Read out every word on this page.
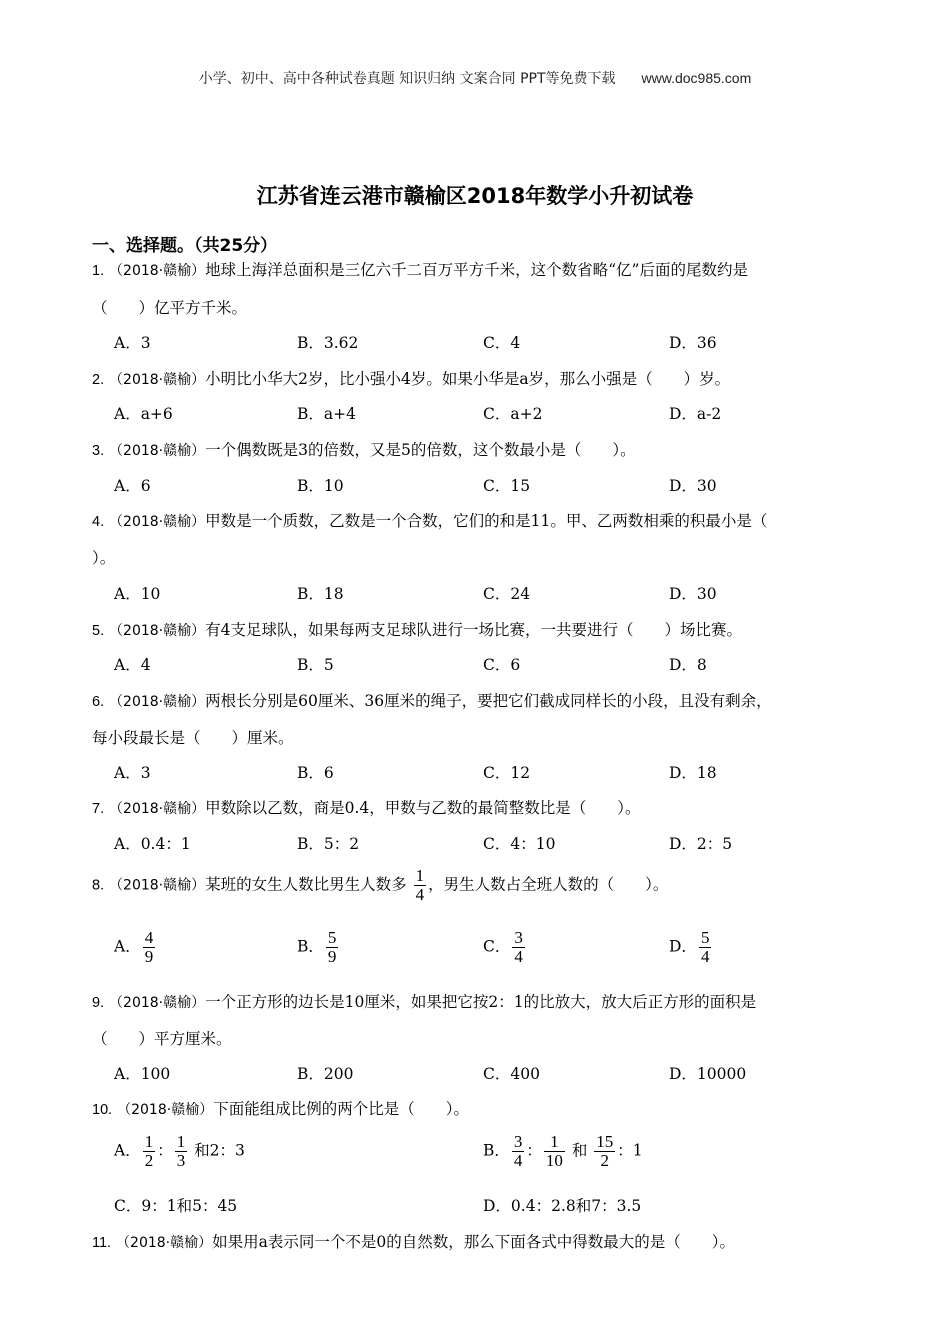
小学、初中、高中各种试卷真题 知识归纳 文案合同 PPT等免费下载 www.doc985.com
江苏省连云港市赣榆区2018年数学小升初试卷
一、选择题。（共25分）
1. （2018·赣榆）地球上海洋总面积是三亿六千二百万平方千米，这个数省略“亿”后面的尾数约是
（　　）亿平方千米。
A．3	B．3.62	C．4	D．36
2. （2018·赣榆）小明比小华大2岁，比小强小4岁。如果小华是a岁，那么小强是（　　）岁。
A．a+6	B．a+4	C．a+2	D．a-2
3. （2018·赣榆）一个偶数既是3的倍数，又是5的倍数，这个数最小是（　　）。
A．6	B．10	C．15	D．30
4. （2018·赣榆）甲数是一个质数，乙数是一个合数，它们的和是11。甲、乙两数相乘的积最小是（
）。
A．10	B．18	C．24	D．30
5. （2018·赣榆）有4支足球队，如果每两支足球队进行一场比赛，一共要进行（　　）场比赛。
A．4	B．5	C．6	D．8
6. （2018·赣榆）两根长分别是60厘米、36厘米的绳子，要把它们截成同样长的小段，且没有剩余，
每小段最长是（　　）厘米。
A．3	B．6	C．12	D．18
7. （2018·赣榆）甲数除以乙数，商是0.4，甲数与乙数的最简整数比是（　　）。
A．0.4：1	B．5：2	C．4：10	D．2：5
8. （2018·赣榆）某班的女生人数比男生人数多 $\frac{1}{4}$ ，男生人数占全班人数的（　　）。
A． $\frac{4}{9}$	B． $\frac{5}{9}$	C． $\frac{3}{4}$	D． $\frac{5}{4}$
9. （2018·赣榆）一个正方形的边长是10厘米，如果把它按2：1的比放大，放大后正方形的面积是
（　　）平方厘米。
A．100	B．200	C．400	D．10000
10. （2018·赣榆）下面能组成比例的两个比是（　　）。
A． $\frac{1}{2}$ ： $\frac{1}{3}$ 和2：3	B． $\frac{3}{4}$ ： $\frac{1}{10}$ 和 $\frac{15}{2}$ ：1
C．9：1和5：45	D．0.4：2.8和7：3.5
11. （2018·赣榆）如果用a表示同一个不是0的自然数，那么下面各式中得数最大的是（　　）。
